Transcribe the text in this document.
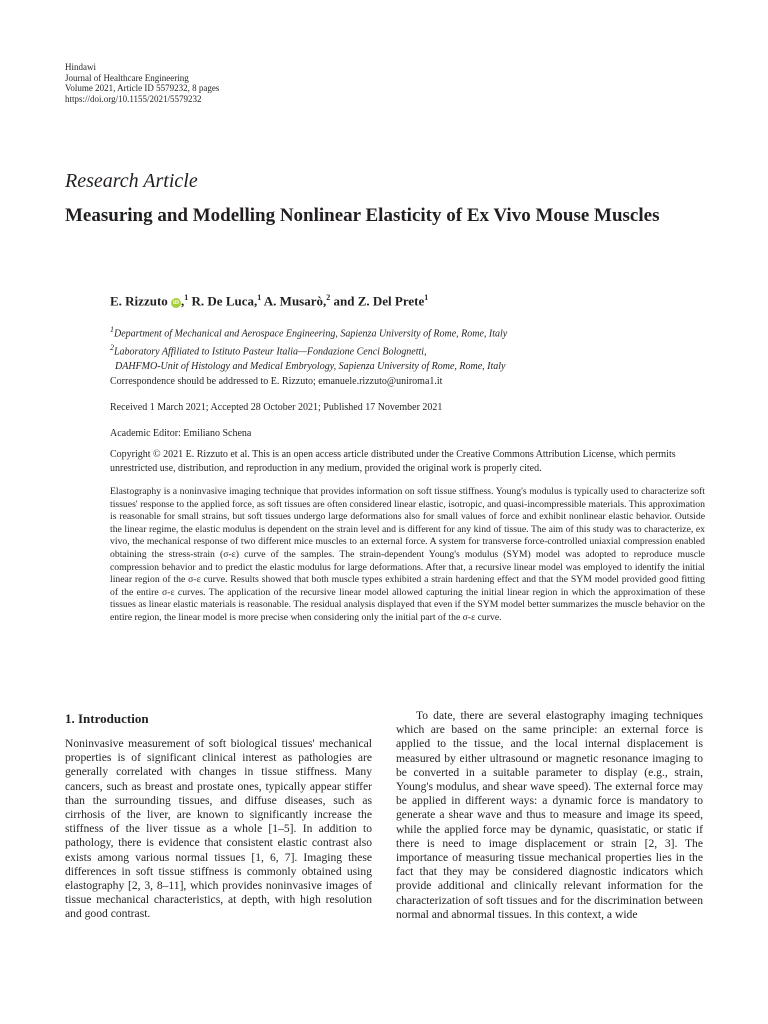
Hindawi
Journal of Healthcare Engineering
Volume 2021, Article ID 5579232, 8 pages
https://doi.org/10.1155/2021/5579232
Research Article
Measuring and Modelling Nonlinear Elasticity of Ex Vivo Mouse Muscles
E. Rizzuto iD ,$^1$ R. De Luca,$^1$ A. Musarò,$^2$ and Z. Del Prete$^1$
$^1$Department of Mechanical and Aerospace Engineering, Sapienza University of Rome, Rome, Italy
$^2$Laboratory Affiliated to Istituto Pasteur Italia—Fondazione Cenci Bolognetti,
DAHFMO-Unit of Histology and Medical Embryology, Sapienza University of Rome, Rome, Italy
Correspondence should be addressed to E. Rizzuto; emanuele.rizzuto@uniroma1.it
Received 1 March 2021; Accepted 28 October 2021; Published 17 November 2021
Academic Editor: Emiliano Schena
Copyright © 2021 E. Rizzuto et al. This is an open access article distributed under the Creative Commons Attribution License, which permits unrestricted use, distribution, and reproduction in any medium, provided the original work is properly cited.
Elastography is a noninvasive imaging technique that provides information on soft tissue stiffness. Young's modulus is typically used to characterize soft tissues' response to the applied force, as soft tissues are often considered linear elastic, isotropic, and quasi-incompressible materials. This approximation is reasonable for small strains, but soft tissues undergo large deformations also for small values of force and exhibit nonlinear elastic behavior. Outside the linear regime, the elastic modulus is dependent on the strain level and is different for any kind of tissue. The aim of this study was to characterize, ex vivo, the mechanical response of two different mice muscles to an external force. A system for transverse force-controlled uniaxial compression enabled obtaining the stress-strain (σ-ε) curve of the samples. The strain-dependent Young's modulus (SYM) model was adopted to reproduce muscle compression behavior and to predict the elastic modulus for large deformations. After that, a recursive linear model was employed to identify the initial linear region of the σ-ε curve. Results showed that both muscle types exhibited a strain hardening effect and that the SYM model provided good fitting of the entire σ-ε curves. The application of the recursive linear model allowed capturing the initial linear region in which the approximation of these tissues as linear elastic materials is reasonable. The residual analysis displayed that even if the SYM model better summarizes the muscle behavior on the entire region, the linear model is more precise when considering only the initial part of the σ-ε curve.
1. Introduction

Noninvasive measurement of soft biological tissues' mechanical properties is of significant clinical interest as pathologies are generally correlated with changes in tissue stiffness. Many cancers, such as breast and prostate ones, typically appear stiffer than the surrounding tissues, and diffuse diseases, such as cirrhosis of the liver, are known to significantly increase the stiffness of the liver tissue as a whole [1–5]. In addition to pathology, there is evidence that consistent elastic contrast also exists among various normal tissues [1, 6, 7]. Imaging these differences in soft tissue stiffness is commonly obtained using elastography [2, 3, 8–11], which provides noninvasive images of tissue mechanical characteristics, at depth, with high resolution and good contrast.

To date, there are several elastography imaging techniques which are based on the same principle: an external force is applied to the tissue, and the local internal displacement is measured by either ultrasound or magnetic resonance imaging to be converted in a suitable parameter to display (e.g., strain, Young's modulus, and shear wave speed). The external force may be applied in different ways: a dynamic force is mandatory to generate a shear wave and thus to measure and image its speed, while the applied force may be dynamic, quasistatic, or static if there is need to image displacement or strain [2, 3]. The importance of measuring tissue mechanical properties lies in the fact that they may be considered diagnostic indicators which provide additional and clinically relevant information for the characterization of soft tissues and for the discrimination between normal and abnormal tissues. In this context, a wide
